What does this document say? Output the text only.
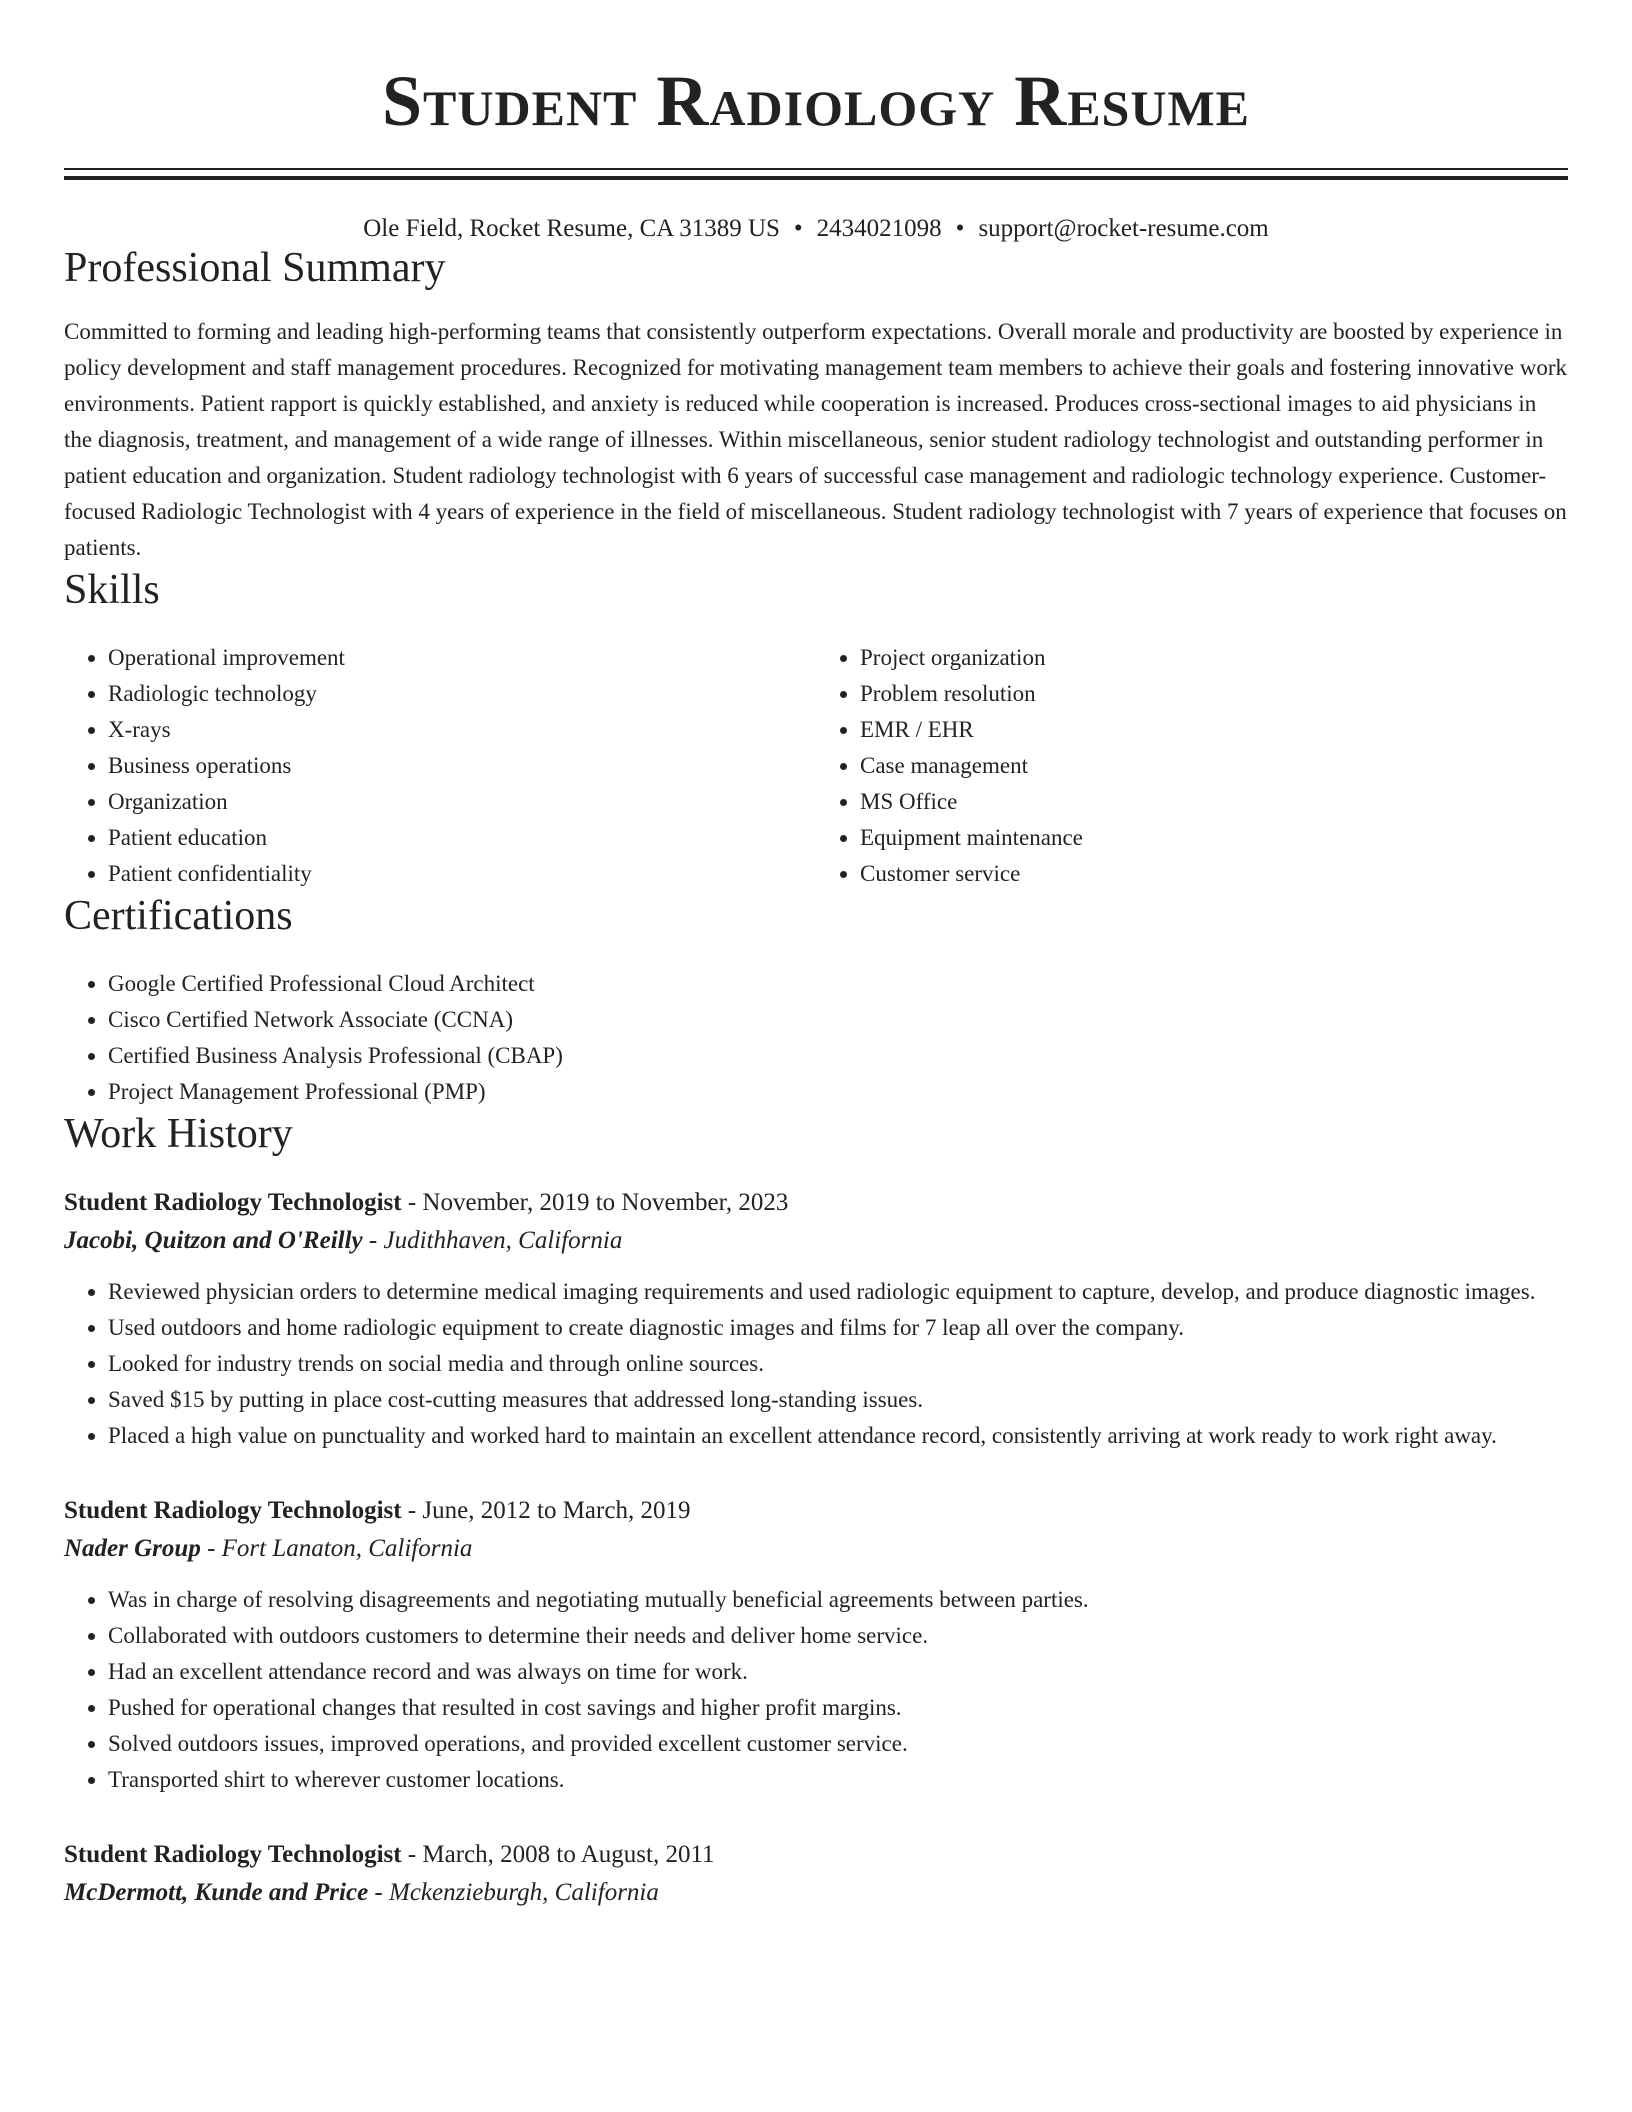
Student Radiology Resume
Ole Field, Rocket Resume, CA 31389 US • 2434021098 • support@rocket-resume.com
Professional Summary

Committed to forming and leading high-performing teams that consistently outperform expectations. Overall morale and productivity are boosted by experience in policy development and staff management procedures. Recognized for motivating management team members to achieve their goals and fostering innovative work environments. Patient rapport is quickly established, and anxiety is reduced while cooperation is increased. Produces cross-sectional images to aid physicians in the diagnosis, treatment, and management of a wide range of illnesses. Within miscellaneous, senior student radiology technologist and outstanding performer in patient education and organization. Student radiology technologist with 6 years of successful case management and radiologic technology experience. Customer-focused Radiologic Technologist with 4 years of experience in the field of miscellaneous. Student radiology technologist with 7 years of experience that focuses on patients.

Skills
• Operational improvement
• Radiologic technology
• X-rays
• Business operations
• Organization
• Patient education
• Patient confidentiality
• Project organization
• Problem resolution
• EMR / EHR
• Case management
• MS Office
• Equipment maintenance
• Customer service
Certifications
• Google Certified Professional Cloud Architect
• Cisco Certified Network Associate (CCNA)
• Certified Business Analysis Professional (CBAP)
• Project Management Professional (PMP)
Work History
Student Radiology Technologist - November, 2019 to November, 2023
Jacobi, Quitzon and O'Reilly - Judithhaven, California
• Reviewed physician orders to determine medical imaging requirements and used radiologic equipment to capture, develop, and produce diagnostic images.
• Used outdoors and home radiologic equipment to create diagnostic images and films for 7 leap all over the company.
• Looked for industry trends on social media and through online sources.
• Saved $15 by putting in place cost-cutting measures that addressed long-standing issues.
• Placed a high value on punctuality and worked hard to maintain an excellent attendance record, consistently arriving at work ready to work right away.
Student Radiology Technologist - June, 2012 to March, 2019
Nader Group - Fort Lanaton, California
• Was in charge of resolving disagreements and negotiating mutually beneficial agreements between parties.
• Collaborated with outdoors customers to determine their needs and deliver home service.
• Had an excellent attendance record and was always on time for work.
• Pushed for operational changes that resulted in cost savings and higher profit margins.
• Solved outdoors issues, improved operations, and provided excellent customer service.
• Transported shirt to wherever customer locations.
Student Radiology Technologist - March, 2008 to August, 2011
McDermott, Kunde and Price - Mckenzieburgh, California
